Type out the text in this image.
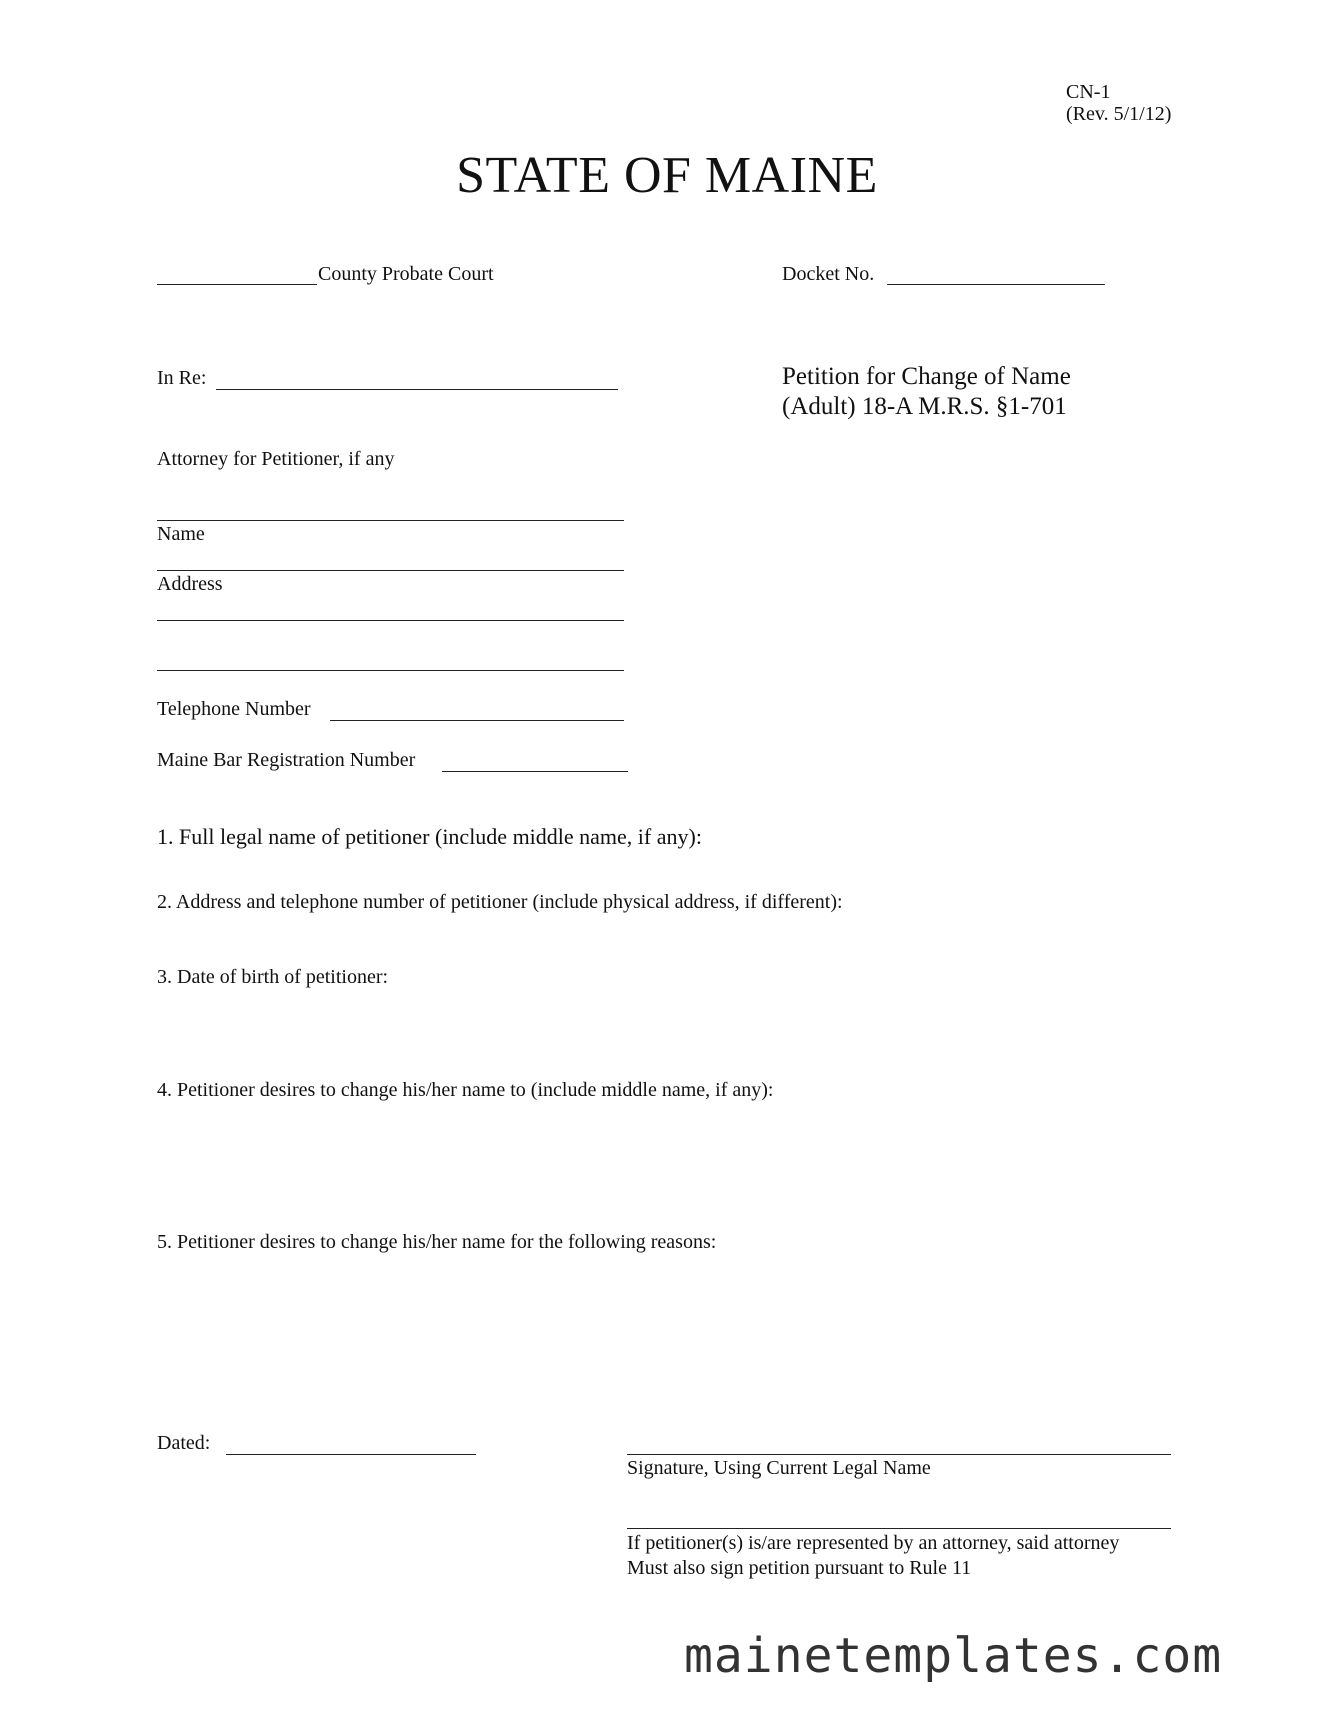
CN-1
(Rev. 5/1/12)
STATE OF MAINE
County Probate Court	Docket No.
In Re:	Petition for Change of Name
(Adult) 18-A M.R.S. §1-701
Attorney for Petitioner, if any
Name
Address
Telephone Number
Maine Bar Registration Number
1. Full legal name of petitioner (include middle name, if any):
2. Address and telephone number of petitioner (include physical address, if different):
3. Date of birth of petitioner:
4. Petitioner desires to change his/her name to (include middle name, if any):
5. Petitioner desires to change his/her name for the following reasons:
Dated:
Signature, Using Current Legal Name
If petitioner(s) is/are represented by an attorney, said attorney
Must also sign petition pursuant to Rule 11
mainetemplates.com
